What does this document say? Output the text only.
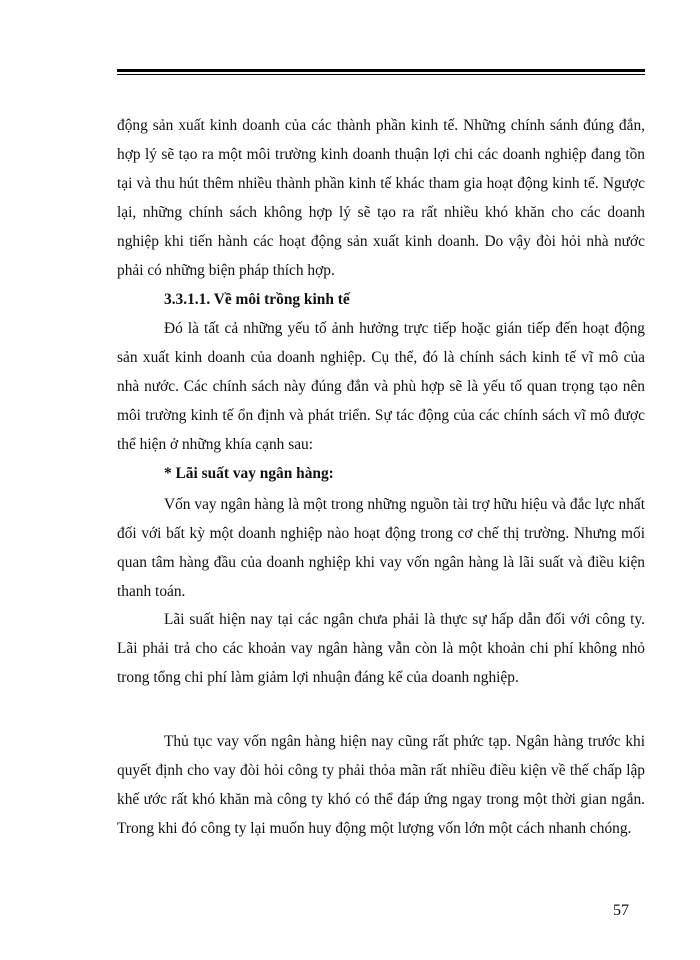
động sản xuất kinh doanh của các thành phần kinh tế. Những chính sánh đúng đắn, hợp lý sẽ tạo ra một môi trường kinh doanh thuận lợi chi các doanh nghiệp đang tồn tại và thu hút thêm nhiều thành phần kinh tế khác tham gia hoạt động kinh tế. Ngược lại, những chính sách không hợp lý sẽ tạo ra rất nhiều khó khăn cho các doanh nghiệp khi tiến hành các hoạt động sản xuất kinh doanh. Do vậy đòi hỏi nhà nước phải có những biện pháp thích hợp.

3.3.1.1. Về môi trồng kinh tế

Đó là tất cả những yếu tố ảnh hưởng trực tiếp hoặc gián tiếp đến hoạt động sản xuất kinh doanh của doanh nghiệp. Cụ thể, đó là chính sách kinh tế vĩ mô của nhà nước. Các chính sách này đúng đắn và phù hợp sẽ là yếu tố quan trọng tạo nên môi trường kinh tế ổn định và phát triển. Sự tác động của các chính sách vĩ mô được thể hiện ở những khía cạnh sau:

* Lãi suất vay ngân hàng:

Vốn vay ngân hàng là một trong những nguồn tài trợ hữu hiệu và đắc lực nhất đối với bất kỳ một doanh nghiệp nào hoạt động trong cơ chế thị trường. Nhưng mối quan tâm hàng đầu của doanh nghiệp khi vay vốn ngân hàng là lãi suất và điều kiện thanh toán.

Lãi suất hiện nay tại các ngân chưa phải là thực sự hấp dẫn đối với công ty. Lãi phải trả cho các khoản vay ngân hàng vẫn còn là một khoản chi phí không nhỏ trong tổng chi phí làm giảm lợi nhuận đáng kể của doanh nghiệp.

Thủ tục vay vốn ngân hàng hiện nay cũng rất phức tạp. Ngân hàng trước khi quyết định cho vay đòi hỏi công ty phải thỏa mãn rất nhiều điều kiện về thế chấp lập khế ước rất khó khăn mà công ty khó có thể đáp ứng ngay trong một thời gian ngắn. Trong khi đó công ty lại muốn huy động một lượng vốn lớn một cách nhanh chóng.

57
